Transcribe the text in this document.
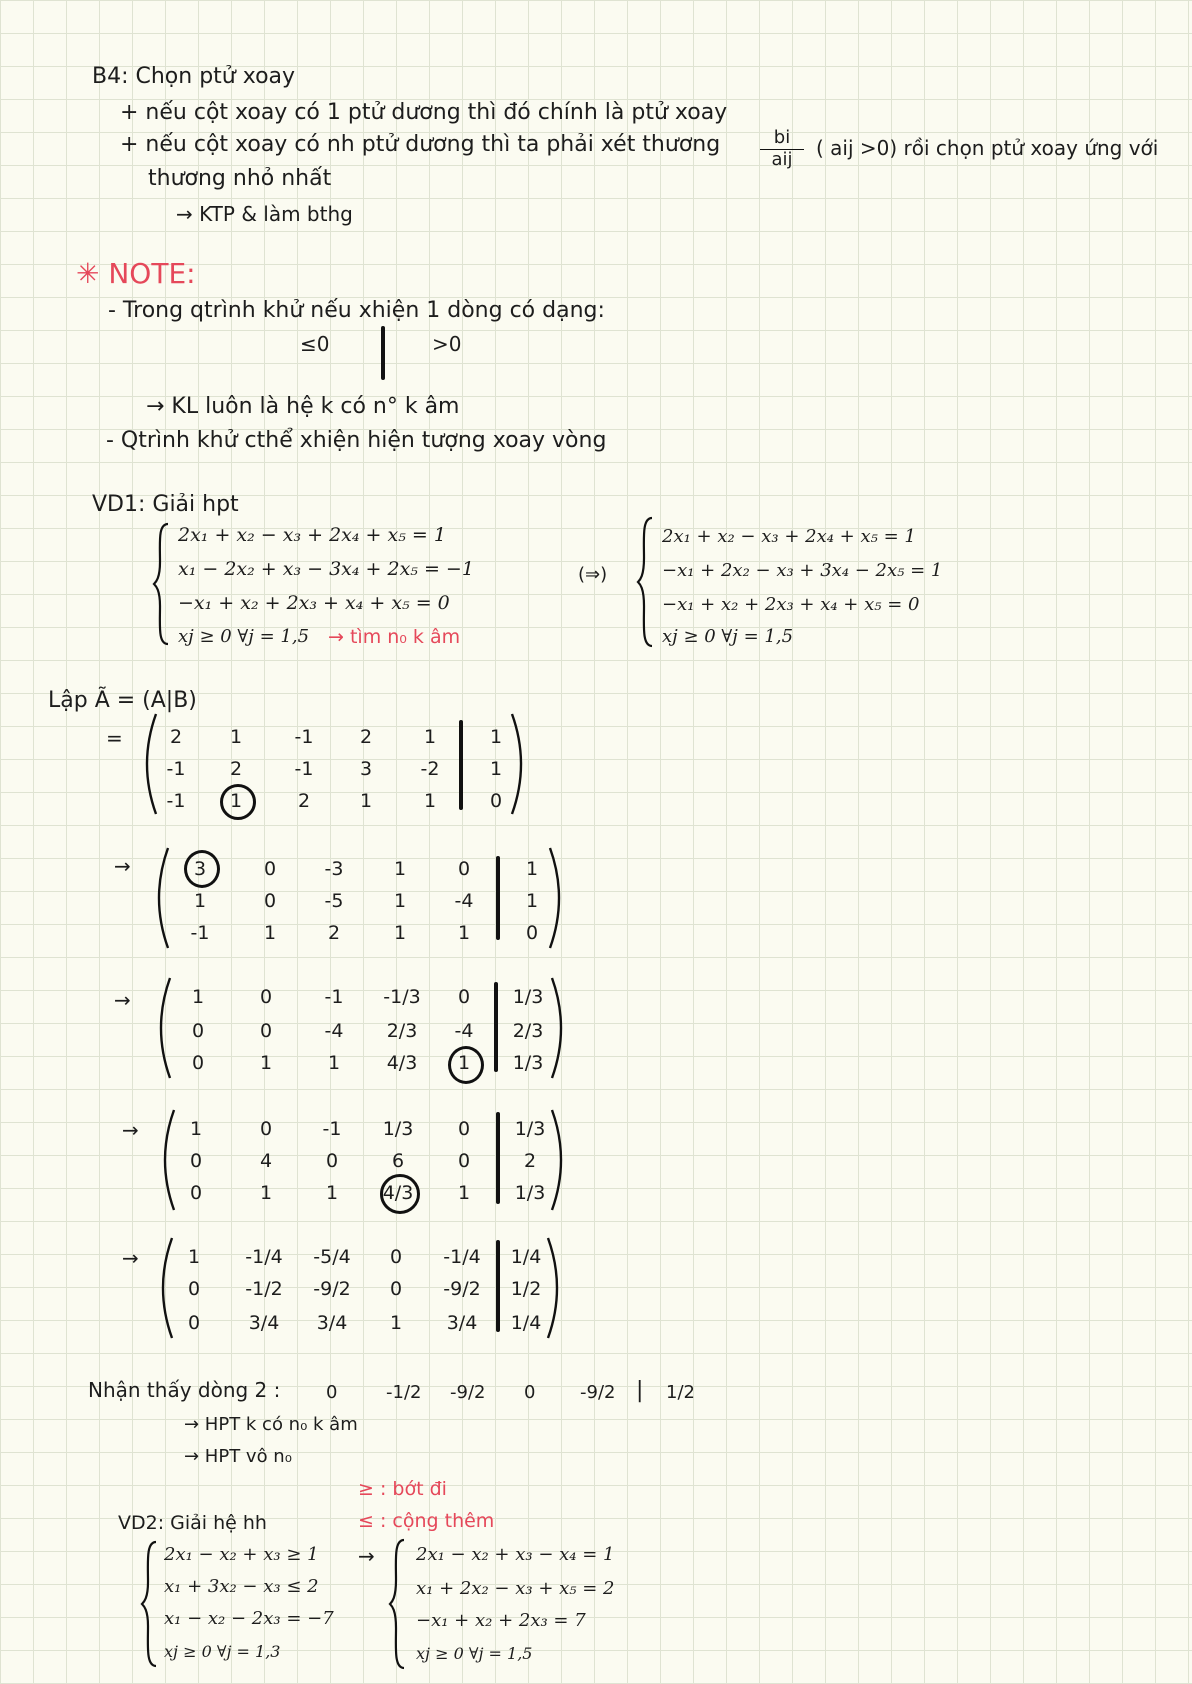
B4: Chọn ptử xoay
+ nếu cột xoay có 1 ptử dương thì đó chính là ptử xoay
+ nếu cột xoay có nh ptử dương thì ta phải xét thương	bi
aij	( aij >0) rồi chọn ptử xoay ứng với
thương nhỏ nhất
→ KTP & làm bthg
✳ NOTE:
- Trong qtrình khử nếu xhiện 1 dòng có dạng:
≤0	>0
→ KL luôn là hệ k có n° k âm
- Qtrình khử cthể xhiện hiện tượng xoay vòng
VD1: Giải hpt
2x₁ + x₂ − x₃ + 2x₄ + x₅ = 1
x₁ − 2x₂ + x₃ − 3x₄ + 2x₅ = −1
−x₁ + x₂ + 2x₃ + x₄ + x₅ = 0
xj ≥ 0 ∀j = 1,5 → tìm n₀ k âm
(⇒)
2x₁ + x₂ − x₃ + 2x₄ + x₅ = 1
−x₁ + 2x₂ − x₃ + 3x₄ − 2x₅ = 1
−x₁ + x₂ + 2x₃ + x₄ + x₅ = 0
xj ≥ 0 ∀j = 1,5
Lập Ã = (A|B)
=	2	1	-1	2	1	1
-1	2	-1	3	-2	1
-1	1	2	1	1	0
→	3	0	-3	1	0	1
1	0	-5	1	-4	1
-1	1	2	1	1	0
→	1	0	-1	-1/3	0	1/3
0	0	-4	2/3	-4	2/3
0	1	1	4/3	1	1/3
→	1	0	-1	1/3	0	1/3
0	4	0	6	0	2
0	1	1	4/3	1	1/3
→	1	-1/4	-5/4	0	-1/4	1/4
0	-1/2	-9/2	0	-9/2	1/2
0	3/4	3/4	1	3/4	1/4
Nhận thấy dòng 2 :	0	-1/2 -9/2 0 -9/2 | 1/2
→ HPT k có n₀ k âm
→ HPT vô n₀
≥ : bớt đi
≤ : cộng thêm
VD2: Giải hệ hh
2x₁ − x₂ + x₃ ≥ 1
x₁ + 3x₂ − x₃ ≤ 2
x₁ − x₂ − 2x₃ = −7
xj ≥ 0 ∀j = 1,3
→ 2x₁ − x₂ + x₃ − x₄ = 1
x₁ + 2x₂ − x₃ + x₅ = 2
−x₁ + x₂ + 2x₃ = 7
xj ≥ 0 ∀j = 1,5
